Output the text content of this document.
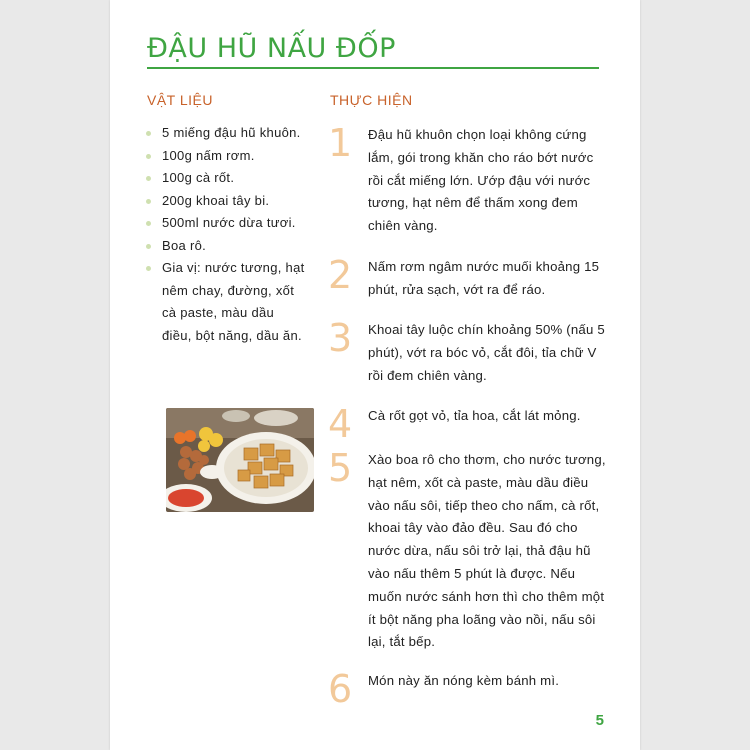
ĐẬU HŨ NẤU ĐỐP
VẬT LIỆU	THỰC HIỆN
5 miếng đậu hũ khuôn.
100g nấm rơm.
100g cà rốt.
200g khoai tây bi.
500ml nước dừa tươi.
Boa rô.
Gia vị: nước tương, hạt nêm chay, đường, xốt cà paste, màu dầu điều, bột năng, dầu ăn.
1	Đậu hũ khuôn chọn loại không cứng lắm, gói trong khăn cho ráo bớt nước rồi cắt miếng lớn. Ướp đậu với nước tương, hạt nêm để thấm xong đem chiên vàng.
2	Nấm rơm ngâm nước muối khoảng 15 phút, rửa sạch, vớt ra để ráo.
3	Khoai tây luộc chín khoảng 50% (nấu 5 phút), vớt ra bóc vỏ, cắt đôi, tỉa chữ V rồi đem chiên vàng.
4	Cà rốt gọt vỏ, tỉa hoa, cắt lát mỏng.
5	Xào boa rô cho thơm, cho nước tương, hạt nêm, xốt cà paste, màu dầu điều vào nấu sôi, tiếp theo cho nấm, cà rốt, khoai tây vào đảo đều. Sau đó cho nước dừa, nấu sôi trở lại, thả đậu hũ vào nấu thêm 5 phút là được. Nếu muốn nước sánh hơn thì cho thêm một ít bột năng pha loãng vào nồi, nấu sôi lại, tắt bếp.
6	Món này ăn nóng kèm bánh mì.
5
